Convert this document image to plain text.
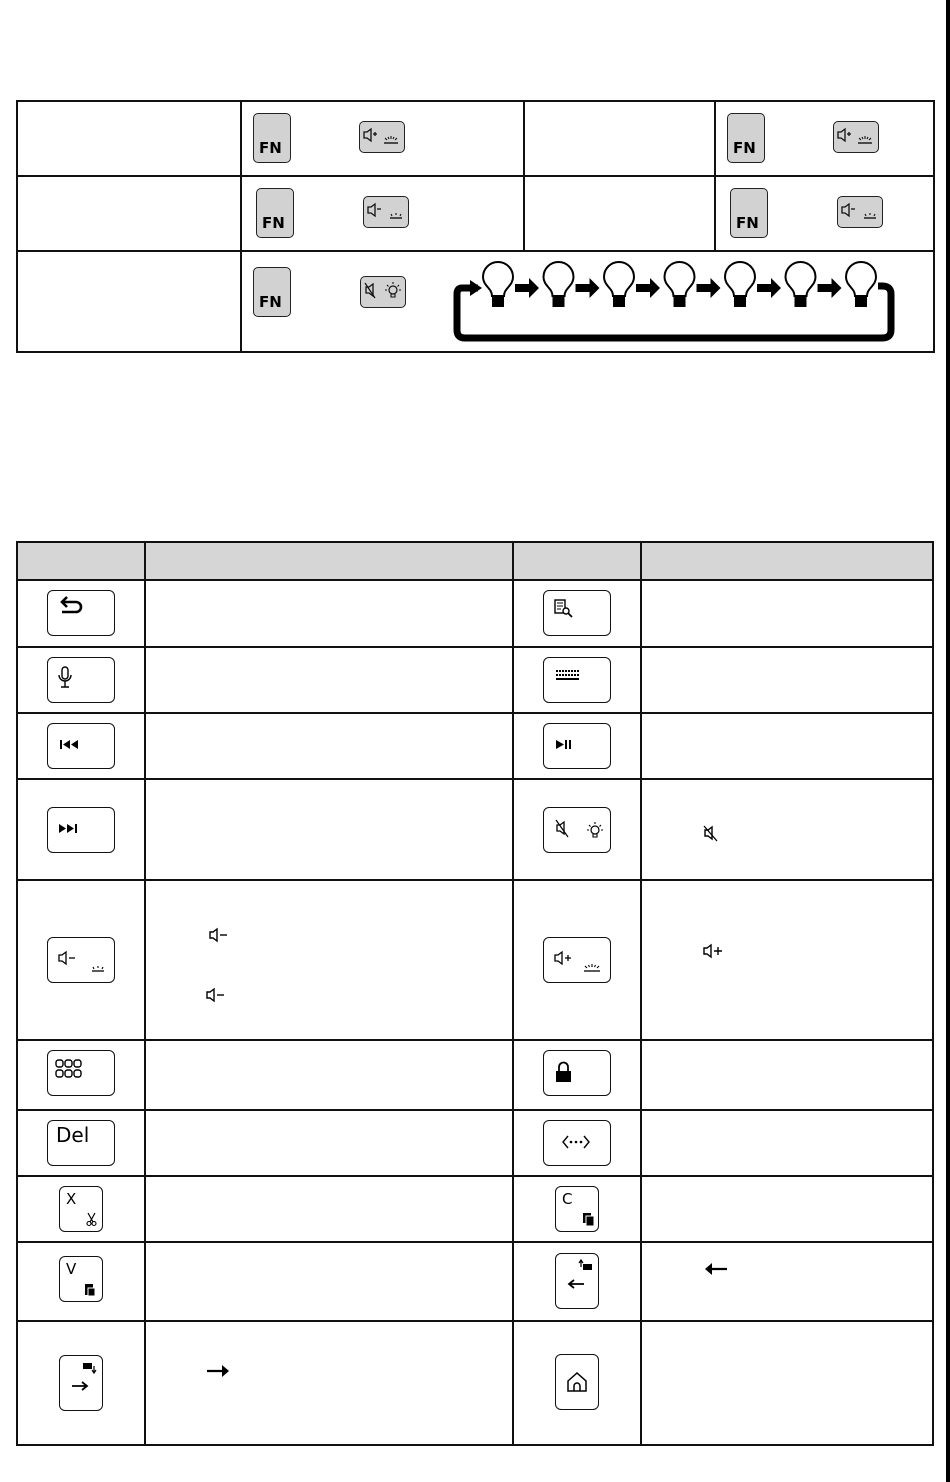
FN	FN
FN	FN
FN
Del
X
V
C
